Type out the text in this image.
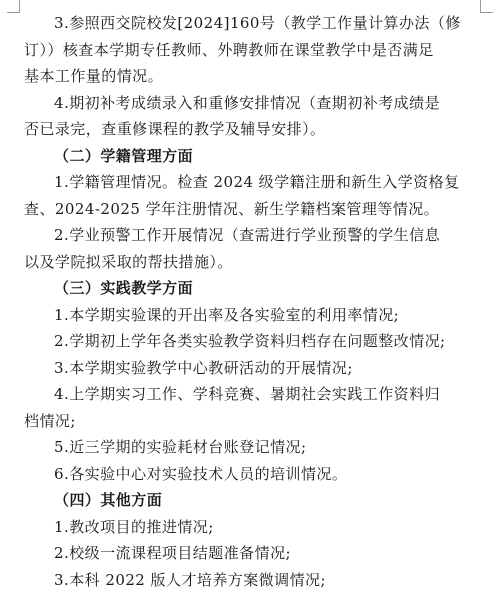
3.参照西交院校发[2024]160号（教学工作量计算办法（修
订））核查本学期专任教师、外聘教师在课堂教学中是否满足
基本工作量的情况。
4.期初补考成绩录入和重修安排情况（查期初补考成绩是
否已录完，查重修课程的教学及辅导安排）。
（二）学籍管理方面
1.学籍管理情况。检查 2024 级学籍注册和新生入学资格复
查、2024-2025 学年注册情况、新生学籍档案管理等情况。
2.学业预警工作开展情况（查需进行学业预警的学生信息
以及学院拟采取的帮扶措施）。
（三）实践教学方面
1.本学期实验课的开出率及各实验室的利用率情况;
2.学期初上学年各类实验教学资料归档存在问题整改情况;
3.本学期实验教学中心教研活动的开展情况;
4.上学期实习工作、学科竞赛、暑期社会实践工作资料归
档情况;
5.近三学期的实验耗材台账登记情况;
6.各实验中心对实验技术人员的培训情况。
（四）其他方面
1.教改项目的推进情况;
2.校级一流课程项目结题准备情况;
3.本科 2022 版人才培养方案微调情况;
